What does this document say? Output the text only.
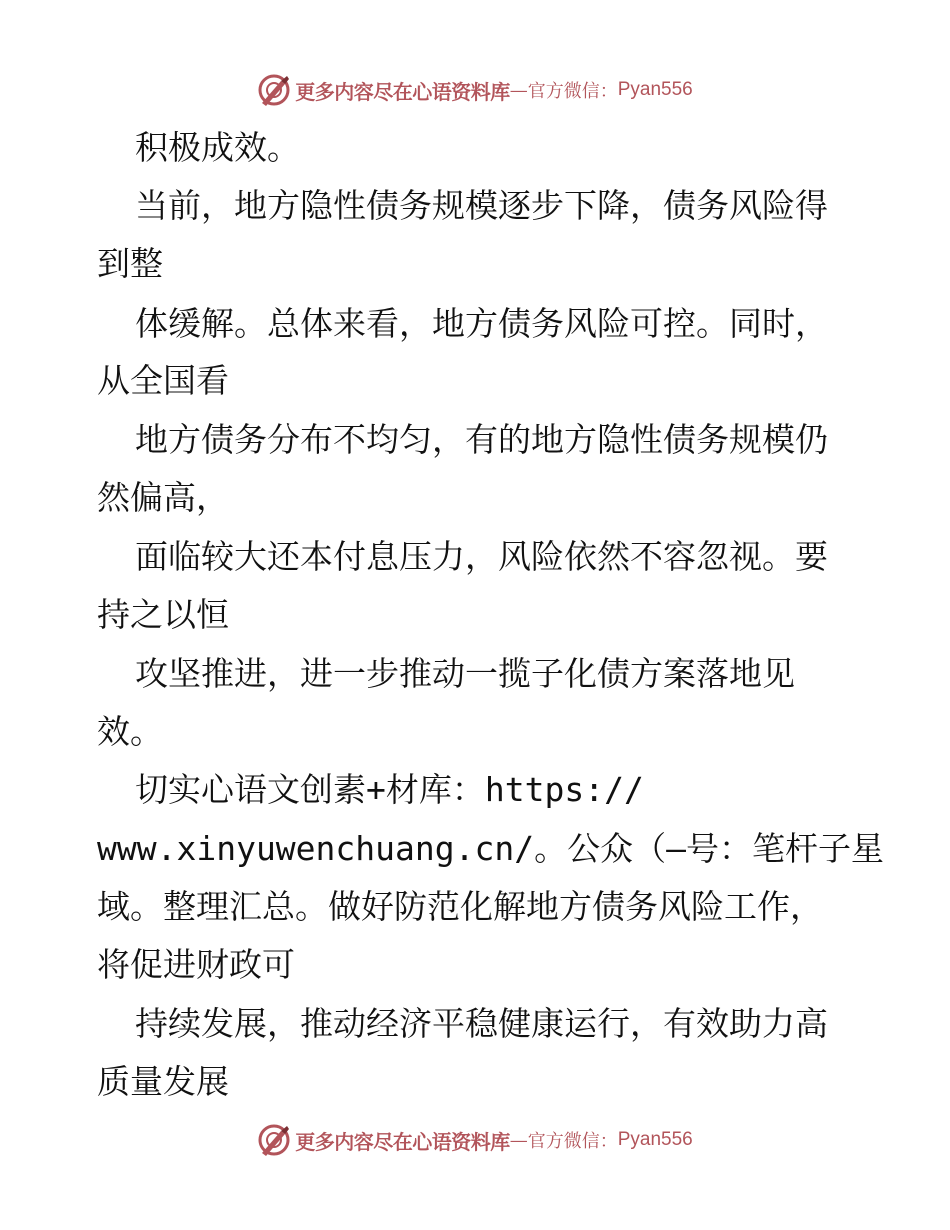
更多内容尽在心语资料库 — 官方微信： Pyan556
积极成效。
当前，地方隐性债务规模逐步下降，债务风险得
到整
体缓解。总体来看，地方债务风险可控。同时，
从全国看
地方债务分布不均匀，有的地方隐性债务规模仍
然偏高，
面临较大还本付息压力，风险依然不容忽视。要
持之以恒
攻坚推进，进一步推动一揽子化债方案落地见
效。
切实心语文创素+材库：https://
www.xinyuwenchuang.cn/。公众（—号：笔杆子星
域。整理汇总。做好防范化解地方债务风险工作，
将促进财政可
持续发展，推动经济平稳健康运行，有效助力高
质量发展
更多内容尽在心语资料库 — 官方微信： Pyan556
